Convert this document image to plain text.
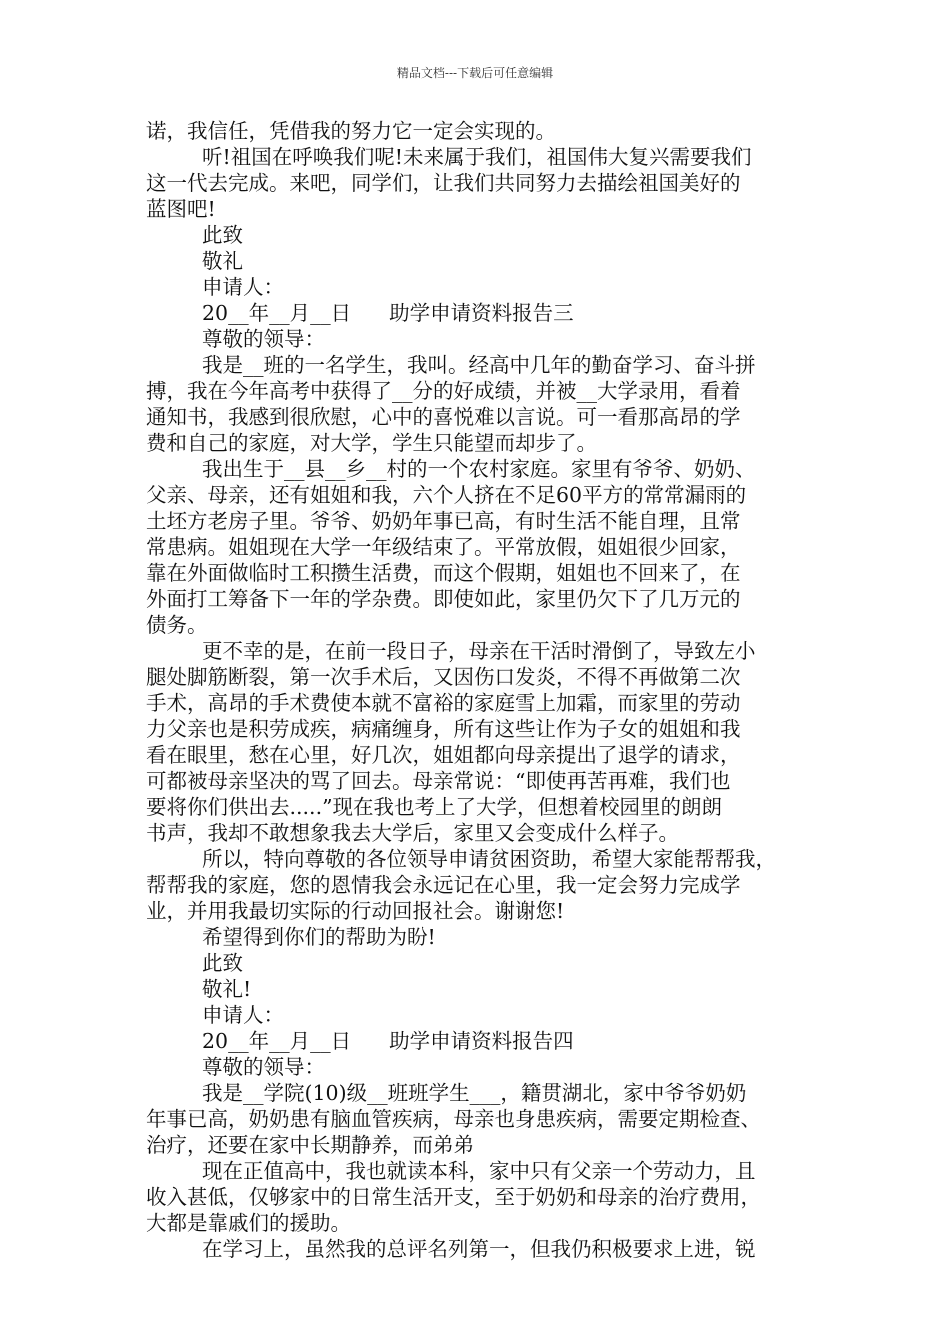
精品文档---下载后可任意编辑
诺，我信任，凭借我的努力它一定会实现的。
听!祖国在呼唤我们呢!未来属于我们，祖国伟大复兴需要我们
这一代去完成。来吧，同学们，让我们共同努力去描绘祖国美好的
蓝图吧!
此致
敬礼
申请人：
20__年__月__日 助学申请资料报告三
尊敬的领导：
我是__班的一名学生，我叫。经高中几年的勤奋学习、奋斗拼
搏，我在今年高考中获得了__分的好成绩，并被__大学录用，看着
通知书，我感到很欣慰，心中的喜悦难以言说。可一看那高昂的学
费和自己的家庭，对大学，学生只能望而却步了。
我出生于__县__乡__村的一个农村家庭。家里有爷爷、奶奶、
父亲、母亲，还有姐姐和我，六个人挤在不足60平方的常常漏雨的
土坯方老房子里。爷爷、奶奶年事已高，有时生活不能自理，且常
常患病。姐姐现在大学一年级结束了。平常放假，姐姐很少回家，
靠在外面做临时工积攒生活费，而这个假期，姐姐也不回来了，在
外面打工筹备下一年的学杂费。即使如此，家里仍欠下了几万元的
债务。
更不幸的是，在前一段日子，母亲在干活时滑倒了，导致左小
腿处脚筋断裂，第一次手术后，又因伤口发炎，不得不再做第二次
手术，高昂的手术费使本就不富裕的家庭雪上加霜，而家里的劳动
力父亲也是积劳成疾，病痛缠身，所有这些让作为子女的姐姐和我
看在眼里，愁在心里，好几次，姐姐都向母亲提出了退学的请求，
可都被母亲坚决的骂了回去。母亲常说：“即使再苦再难，我们也
要将你们供出去.....”现在我也考上了大学，但想着校园里的朗朗
书声，我却不敢想象我去大学后，家里又会变成什么样子。
所以，特向尊敬的各位领导申请贫困资助，希望大家能帮帮我，
帮帮我的家庭，您的恩情我会永远记在心里，我一定会努力完成学
业，并用我最切实际的行动回报社会。谢谢您!
希望得到你们的帮助为盼!
此致
敬礼!
申请人：
20__年__月__日 助学申请资料报告四
尊敬的领导：
我是__学院(10)级__班班学生___，籍贯湖北，家中爷爷奶奶
年事已高，奶奶患有脑血管疾病，母亲也身患疾病，需要定期检查、
治疗，还要在家中长期静养，而弟弟
现在正值高中，我也就读本科，家中只有父亲一个劳动力，且
收入甚低，仅够家中的日常生活开支，至于奶奶和母亲的治疗费用，
大都是靠戚们的援助。
在学习上，虽然我的总评名列第一，但我仍积极要求上进，锐
